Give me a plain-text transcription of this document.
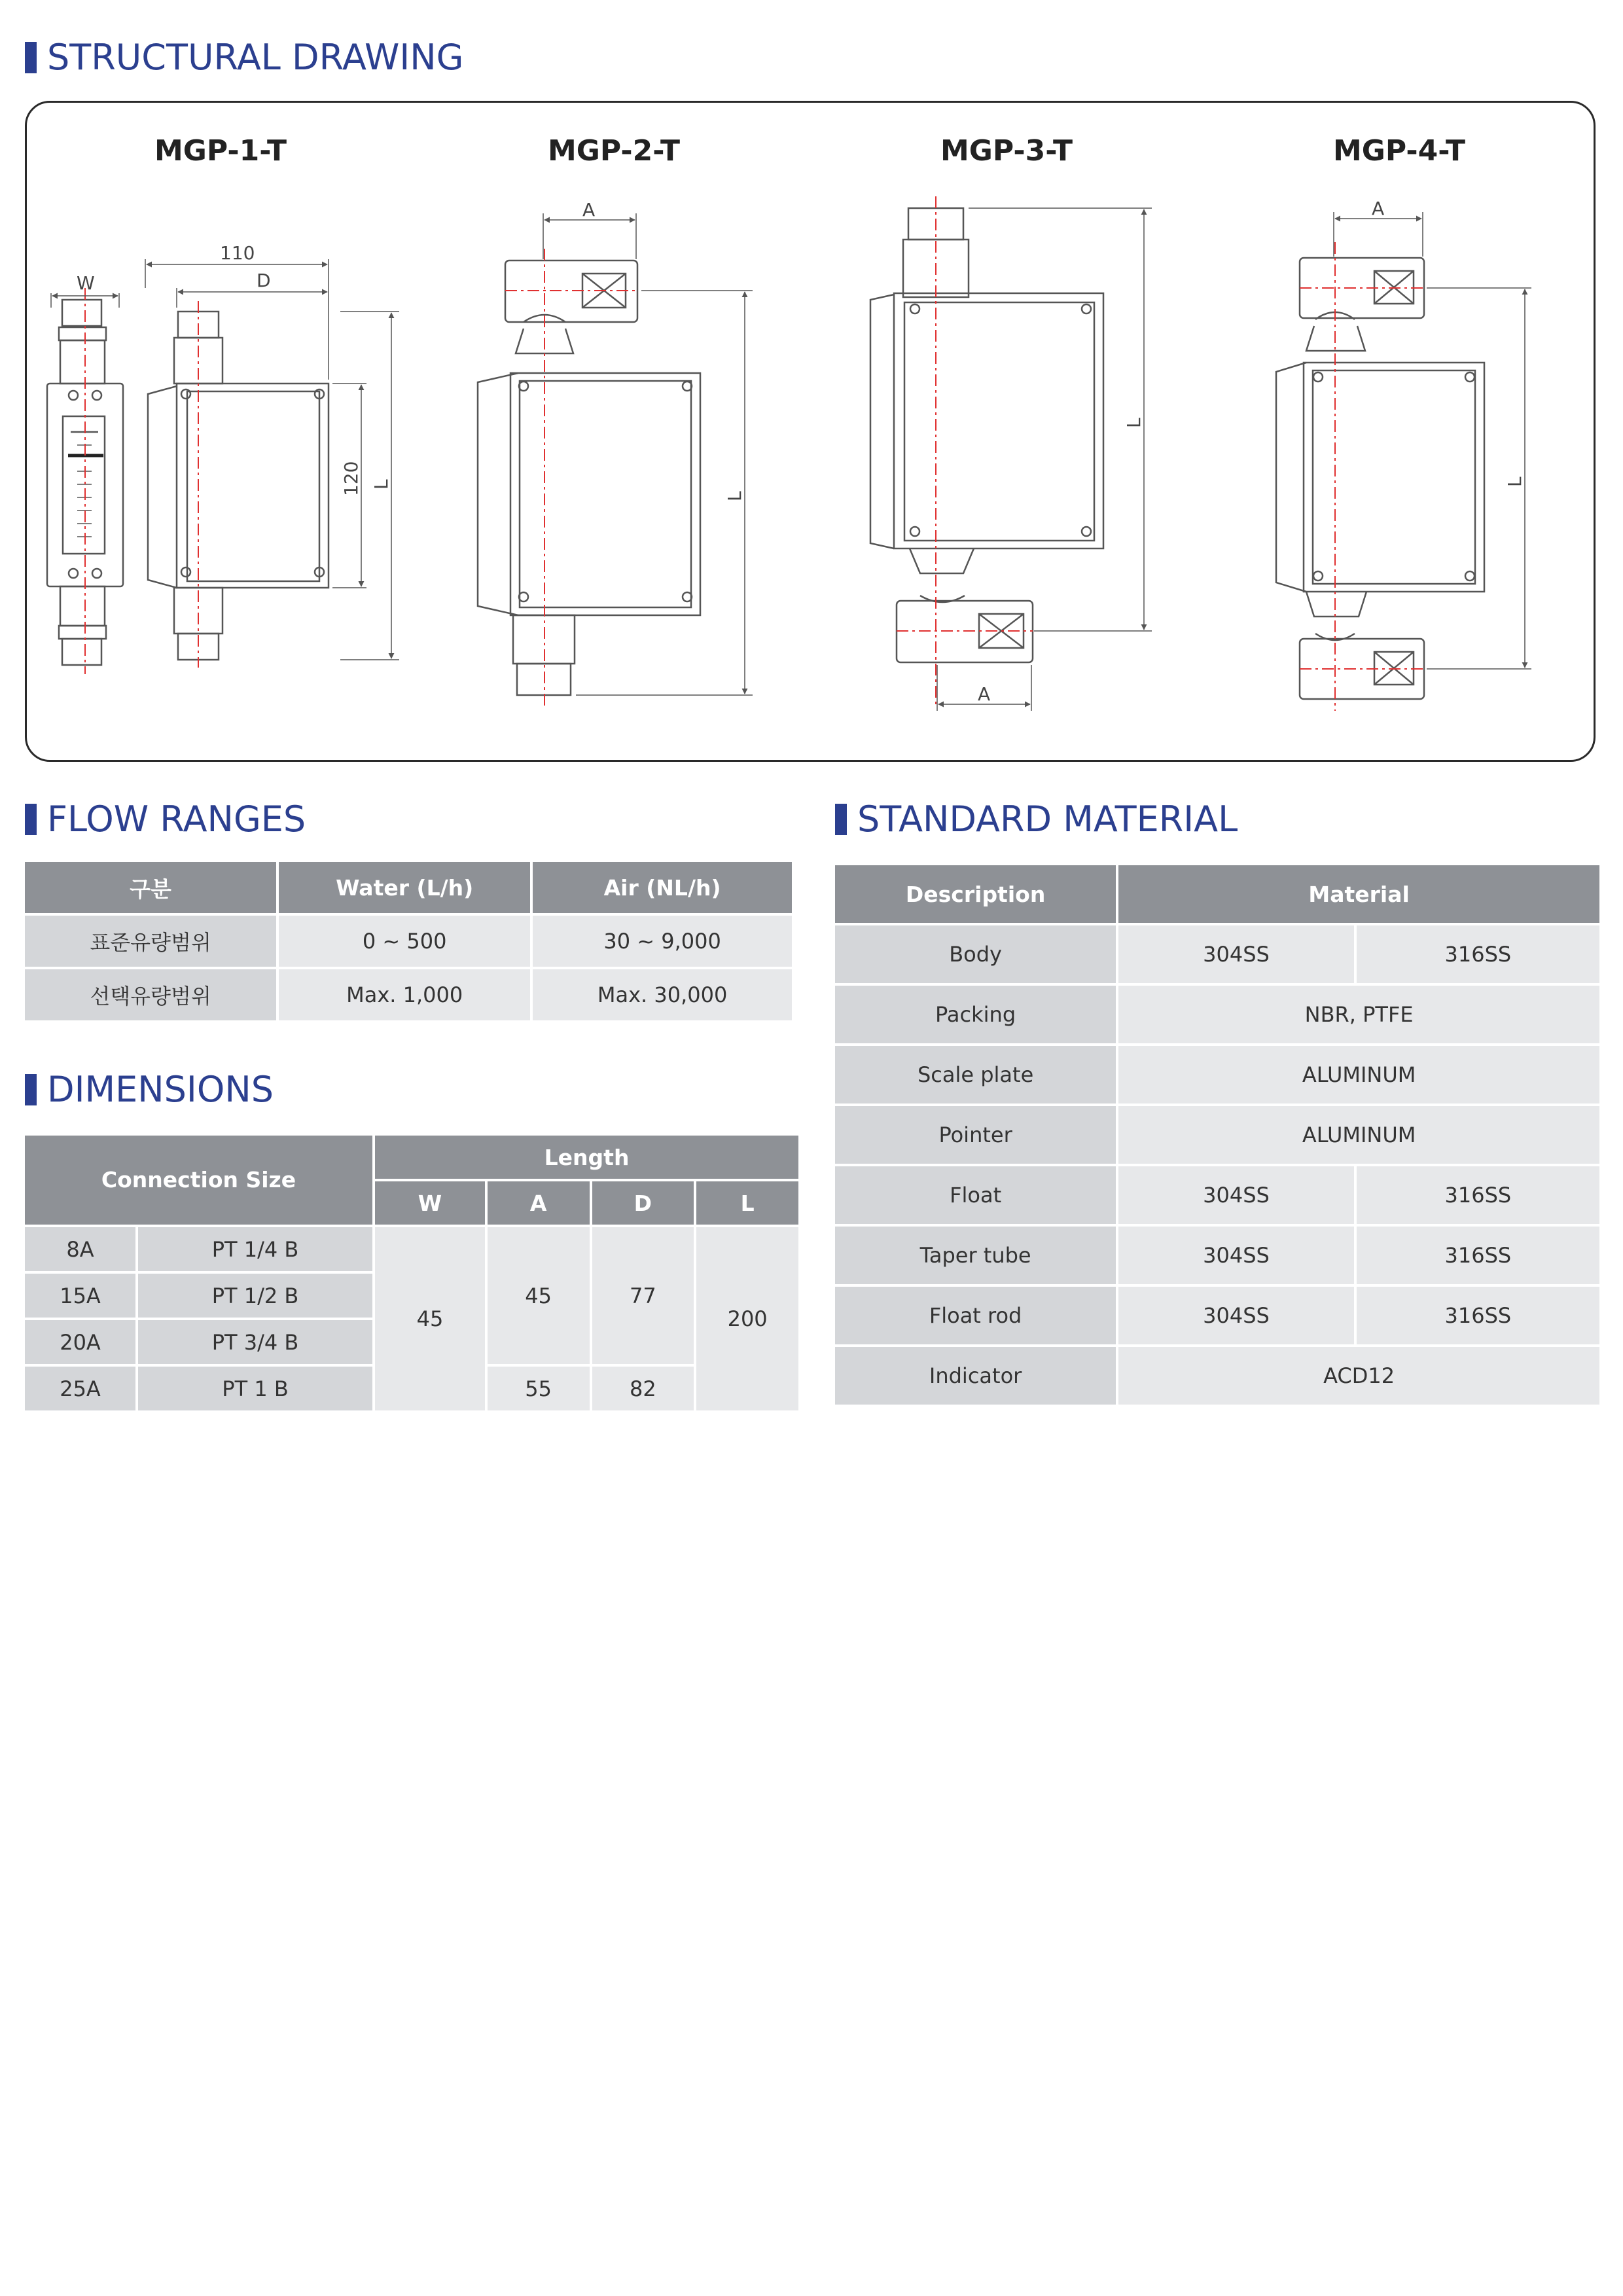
STRUCTURAL DRAWING
FLOW RANGES	STANDARD MATERIAL
DIMENSIONS
MGP-1-T	MGP-2-T	MGP-3-T	MGP-4-T
W
110
D
120 L
A
L
L
A
A
L
구분	Water (L/h)	Air (NL/h)
표준유량범위	0 ~ 500	30 ~ 9,000
선택유량범위	Max. 1,000	Max. 30,000
Connection Size		Length			
		W	A	D	L
8A	PT 1/4 B	45	45	77	200
15A	PT 1/2 B				
20A	PT 3/4 B				
25A	PT 1 B		55	82	
Description	Material	
Body	304SS	316SS
Packing	NBR, PTFE	
Scale plate	ALUMINUM	
Pointer	ALUMINUM	
Float	304SS	316SS
Taper tube	304SS	316SS
Float rod	304SS	316SS
Indicator	ACD12	
